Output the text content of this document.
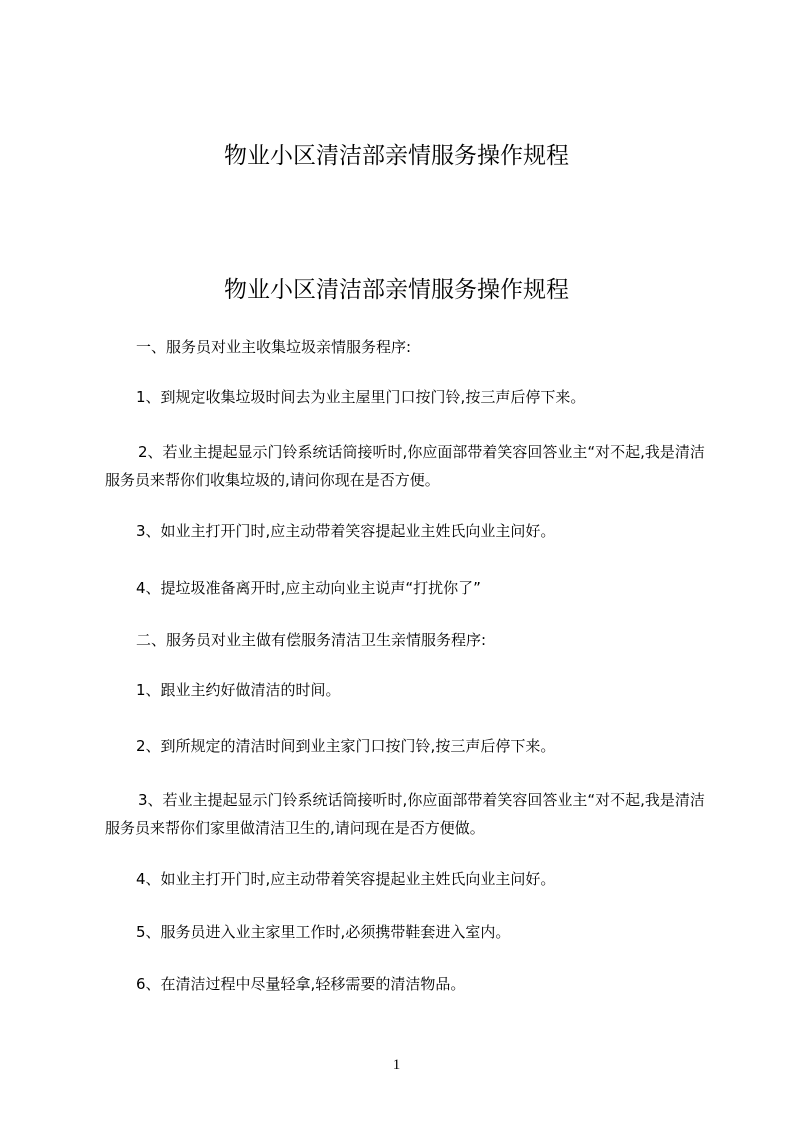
物业小区清洁部亲情服务操作规程
物业小区清洁部亲情服务操作规程
一、服务员对业主收集垃圾亲情服务程序:
1、到规定收集垃圾时间去为业主屋里门口按门铃,按三声后停下来。
2、若业主提起显示门铃系统话筒接听时,你应面部带着笑容回答业主“对不起,我是清洁服务员来帮你们收集垃圾的,请问你现在是否方便。
3、如业主打开门时,应主动带着笑容提起业主姓氏向业主问好。
4、提垃圾准备离开时,应主动向业主说声“打扰你了”
二、服务员对业主做有偿服务清洁卫生亲情服务程序:
1、跟业主约好做清洁的时间。
2、到所规定的清洁时间到业主家门口按门铃,按三声后停下来。
3、若业主提起显示门铃系统话筒接听时,你应面部带着笑容回答业主“对不起,我是清洁服务员来帮你们家里做清洁卫生的,请问现在是否方便做。
4、如业主打开门时,应主动带着笑容提起业主姓氏向业主问好。
5、服务员进入业主家里工作时,必须携带鞋套进入室内。
6、在清洁过程中尽量轻拿,轻移需要的清洁物品。
1
